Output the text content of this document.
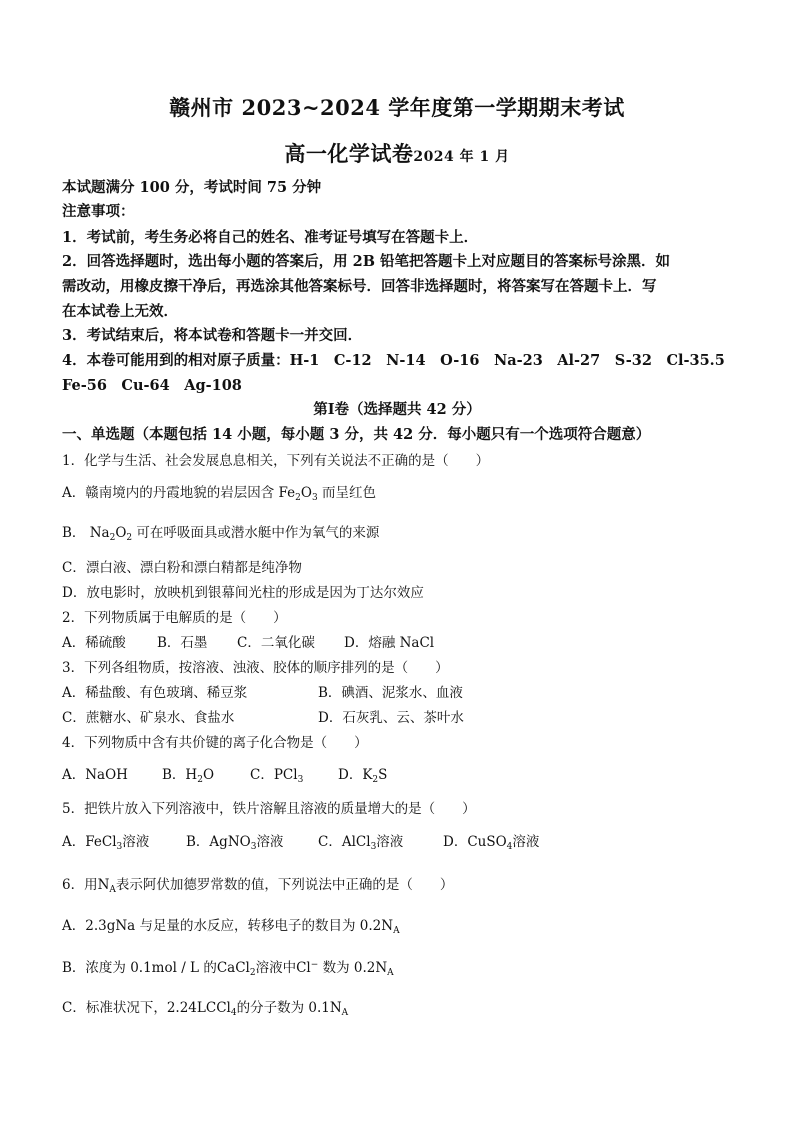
赣州市 2023~2024 学年度第一学期期末考试
高一化学试卷2024 年 1 月
本试题满分 100 分，考试时间 75 分钟
注意事项：
1．考试前，考生务必将自己的姓名、准考证号填写在答题卡上．
2．回答选择题时，选出每小题的答案后，用 2B 铅笔把答题卡上对应题目的答案标号涂黑．如
需改动，用橡皮擦干净后，再选涂其他答案标号．回答非选择题时，将答案写在答题卡上．写
在本试卷上无效．
3．考试结束后，将本试卷和答题卡一并交回．
4．本卷可能用到的相对原子质量：H-1　C-12　N-14　O-16　Na-23　Al-27　S-32　Cl-35.5
Fe-56　Cu-64　Ag-108
第Ⅰ卷（选择题共 42 分）
一、单选题（本题包括 14 小题，每小题 3 分，共 42 分．每小题只有一个选项符合题意）
1．化学与生活、社会发展息息相关，下列有关说法不正确的是（　　）
A．赣南境内的丹霞地貌的岩层因含 $Fe_2O_3$ 而呈红色
B． $Na_2O_2$ 可在呼吸面具或潜水艇中作为氧气的来源
C．漂白液、漂白粉和漂白精都是纯净物
D．放电影时，放映机到银幕间光柱的形成是因为丁达尔效应
2．下列物质属于电解质的是（　　）
A．稀硫酸 B．石墨 C．二氧化碳 D．熔融 NaCl
3．下列各组物质，按溶液、浊液、胶体的顺序排列的是（　　）
A．稀盐酸、有色玻璃、稀豆浆	B．碘酒、泥浆水、血液
C．蔗糖水、矿泉水、食盐水	D．石灰乳、云、茶叶水
4．下列物质中含有共价键的离子化合物是（　　）
A．NaOH	B．$H_2O$	C．PCl$_3$	D．$K_2S$
5．把铁片放入下列溶液中，铁片溶解且溶液的质量增大的是（　　）
A．FeCl$_3$溶液	B．AgNO$_3$溶液	C．AlCl$_3$溶液	D．CuSO$_4$溶液
6．用$N_A$表示阿伏加德罗常数的值，下列说法中正确的是（　　）
A．2.3gNa 与足量的水反应，转移电子的数目为 $0.2N_A$
B．浓度为 0.1mol / L 的CaCl$_2$溶液中Cl− 数为 $0.2N_A$
C．标准状况下，2.24LCCl$_4$的分子数为 $0.1N_A$
